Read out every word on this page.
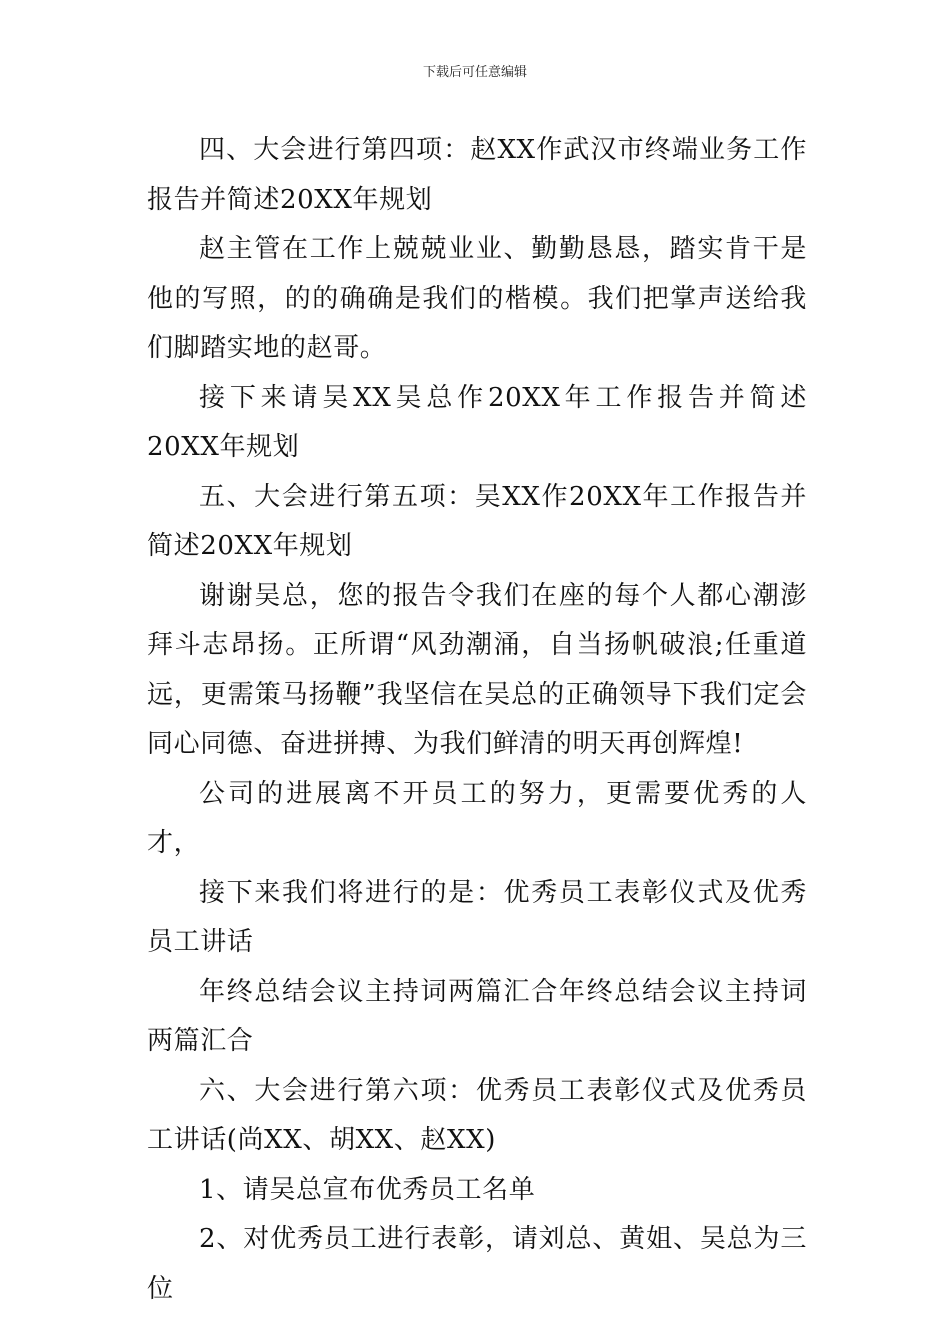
下载后可任意编辑

四、大会进行第四项：赵XX作武汉市终端业务工作报告并简述20XX年规划

赵主管在工作上兢兢业业、勤勤恳恳，踏实肯干是他的写照，的的确确是我们的楷模。我们把掌声送给我们脚踏实地的赵哥。

接下来请吴XX吴总作20XX年工作报告并简述20XX年规划

五、大会进行第五项：吴XX作20XX年工作报告并简述20XX年规划

谢谢吴总，您的报告令我们在座的每个人都心潮澎拜斗志昂扬。正所谓“风劲潮涌，自当扬帆破浪;任重道远，更需策马扬鞭”我坚信在吴总的正确领导下我们定会同心同德、奋进拼搏、为我们鲜清的明天再创辉煌!

公司的进展离不开员工的努力，更需要优秀的人才，

接下来我们将进行的是：优秀员工表彰仪式及优秀员工讲话

年终总结会议主持词两篇汇合年终总结会议主持词两篇汇合

六、大会进行第六项：优秀员工表彰仪式及优秀员工讲话(尚XX、胡XX、赵XX)

1、请吴总宣布优秀员工名单

2、对优秀员工进行表彰，请刘总、黄姐、吴总为三位
